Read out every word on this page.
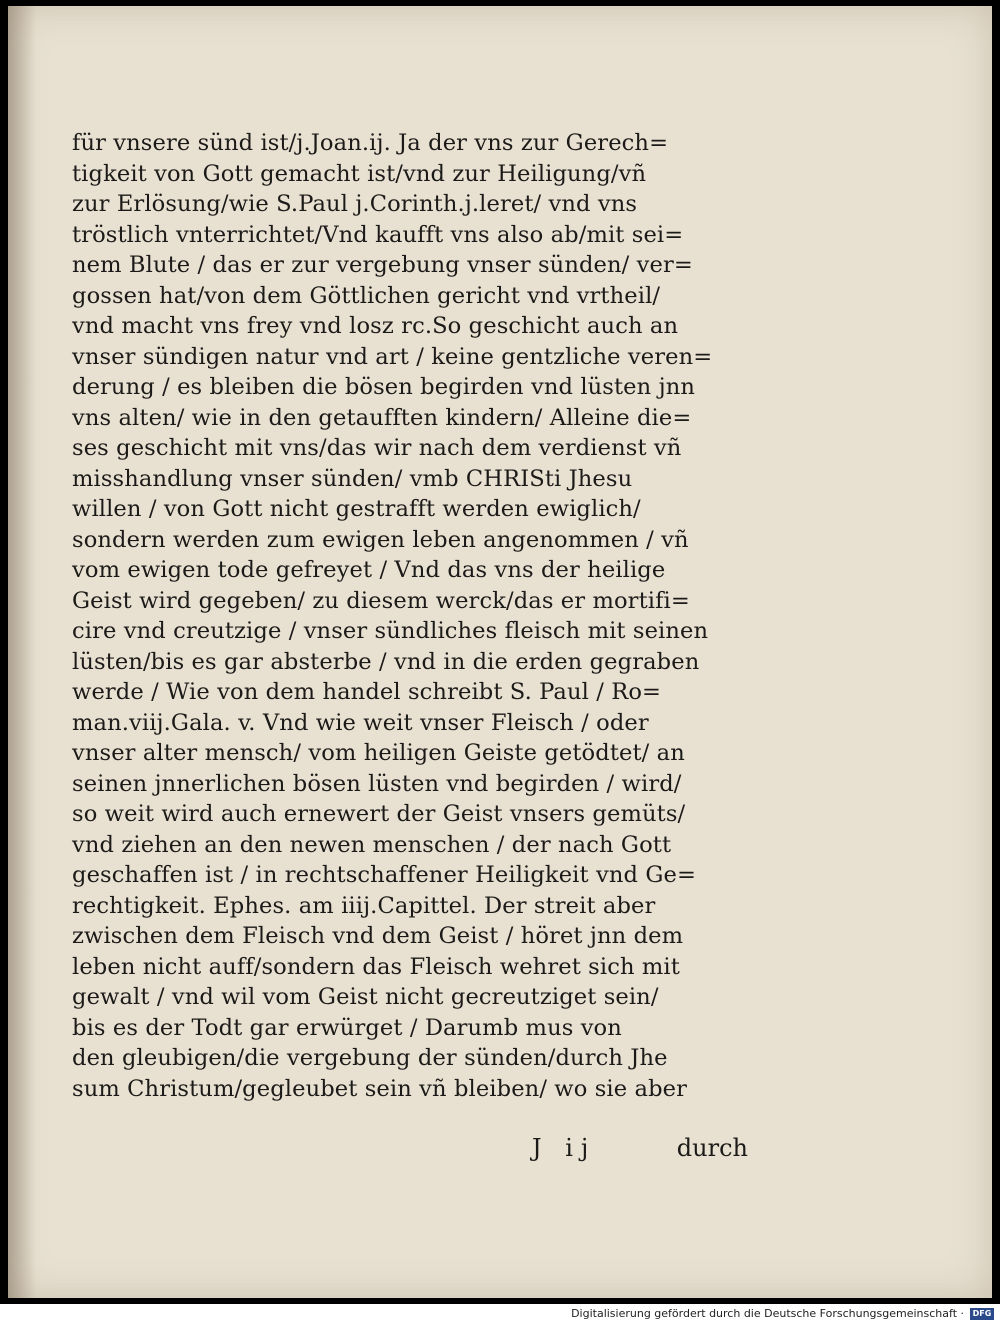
für vnsere sünd ist/j.Joan.ij. Ja der vns zur Gerech=
tigkeit von Gott gemacht ist/vnd zur Heiligung/vñ
zur Erlösung/wie S.Paul j.Corinth.j.leret/ vnd vns
tröstlich vnterrichtet/Vnd kaufft vns also ab/mit sei=
nem Blute / das er zur vergebung vnser sünden/ ver=
gossen hat/von dem Göttlichen gericht vnd vrtheil/
vnd macht vns frey vnd losz rc.So geschicht auch an
vnser sündigen natur vnd art / keine gentzliche veren=
derung / es bleiben die bösen begirden vnd lüsten jnn
vns alten/ wie in den getaufften kindern/ Alleine die=
ses geschicht mit vns/das wir nach dem verdienst vñ
misshandlung vnser sünden/ vmb CHRISti Jhesu
willen / von Gott nicht gestrafft werden ewiglich/
sondern werden zum ewigen leben angenommen / vñ
vom ewigen tode gefreyet / Vnd das vns der heilige
Geist wird gegeben/ zu diesem werck/das er mortifi=
cire vnd creutzige / vnser sündliches fleisch mit seinen
lüsten/bis es gar absterbe / vnd in die erden gegraben
werde / Wie von dem handel schreibt S. Paul / Ro=
man.viij.Gala. v. Vnd wie weit vnser Fleisch / oder
vnser alter mensch/ vom heiligen Geiste getödtet/ an
seinen jnnerlichen bösen lüsten vnd begirden / wird/
so weit wird auch ernewert der Geist vnsers gemüts/
vnd ziehen an den newen menschen / der nach Gott
geschaffen ist / in rechtschaffener Heiligkeit vnd Ge=
rechtigkeit. Ephes. am iiij.Capittel. Der streit aber
zwischen dem Fleisch vnd dem Geist / höret jnn dem
leben nicht auff/sondern das Fleisch wehret sich mit
gewalt / vnd wil vom Geist nicht gecreutziget sein/
bis es der Todt gar erwürget / Darumb mus von
den gleubigen/die vergebung der sünden/durch Jhe
sum Christum/gegleubet sein vñ bleiben/ wo sie aber
J ij	durch
Digitalisierung gefördert durch die Deutsche Forschungsgemeinschaft ·	DFG
